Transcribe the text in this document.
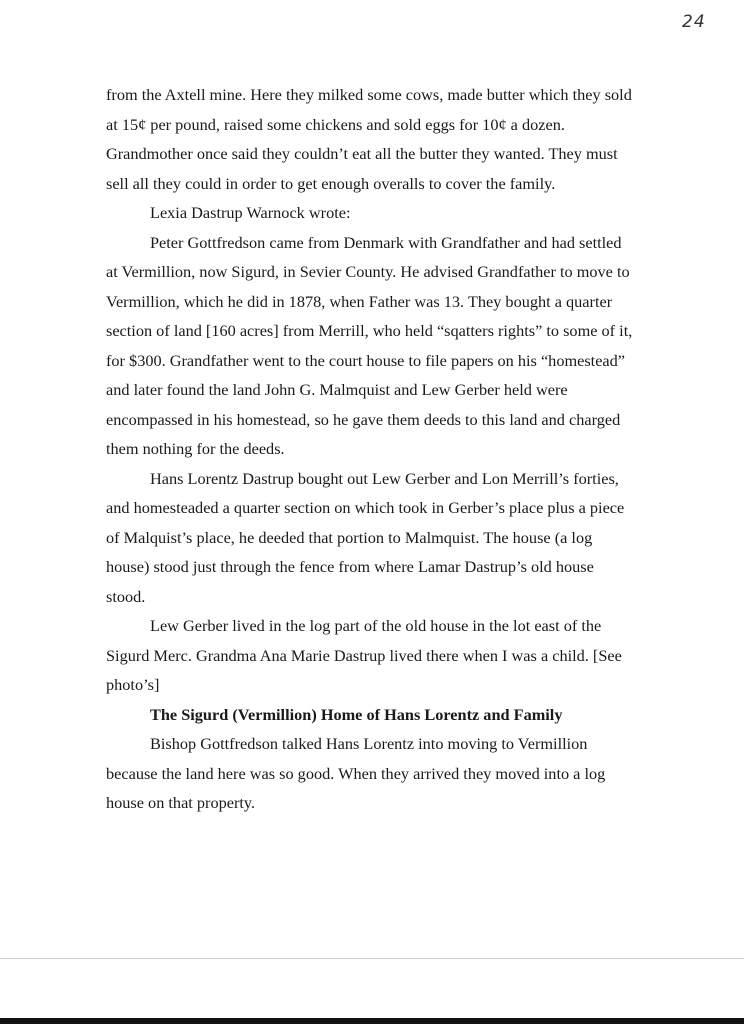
24

from the Axtell mine. Here they milked some cows, made butter which they sold at 15¢ per pound, raised some chickens and sold eggs for 10¢ a dozen. Grandmother once said they couldn’t eat all the butter they wanted. They must sell all they could in order to get enough overalls to cover the family.

Lexia Dastrup Warnock wrote:

Peter Gottfredson came from Denmark with Grandfather and had settled at Vermillion, now Sigurd, in Sevier County. He advised Grandfather to move to Vermillion, which he did in 1878, when Father was 13. They bought a quarter section of land [160 acres] from Merrill, who held “sqatters rights” to some of it, for $300. Grandfather went to the court house to file papers on his “homestead” and later found the land John G. Malmquist and Lew Gerber held were encompassed in his homestead, so he gave them deeds to this land and charged them nothing for the deeds.

Hans Lorentz Dastrup bought out Lew Gerber and Lon Merrill’s forties, and homesteaded a quarter section on which took in Gerber’s place plus a piece of Malquist’s place, he deeded that portion to Malmquist. The house (a log house) stood just through the fence from where Lamar Dastrup’s old house stood.

Lew Gerber lived in the log part of the old house in the lot east of the Sigurd Merc. Grandma Ana Marie Dastrup lived there when I was a child. [See photo’s]

The Sigurd (Vermillion) Home of Hans Lorentz and Family

Bishop Gottfredson talked Hans Lorentz into moving to Vermillion because the land here was so good. When they arrived they moved into a log house on that property.
